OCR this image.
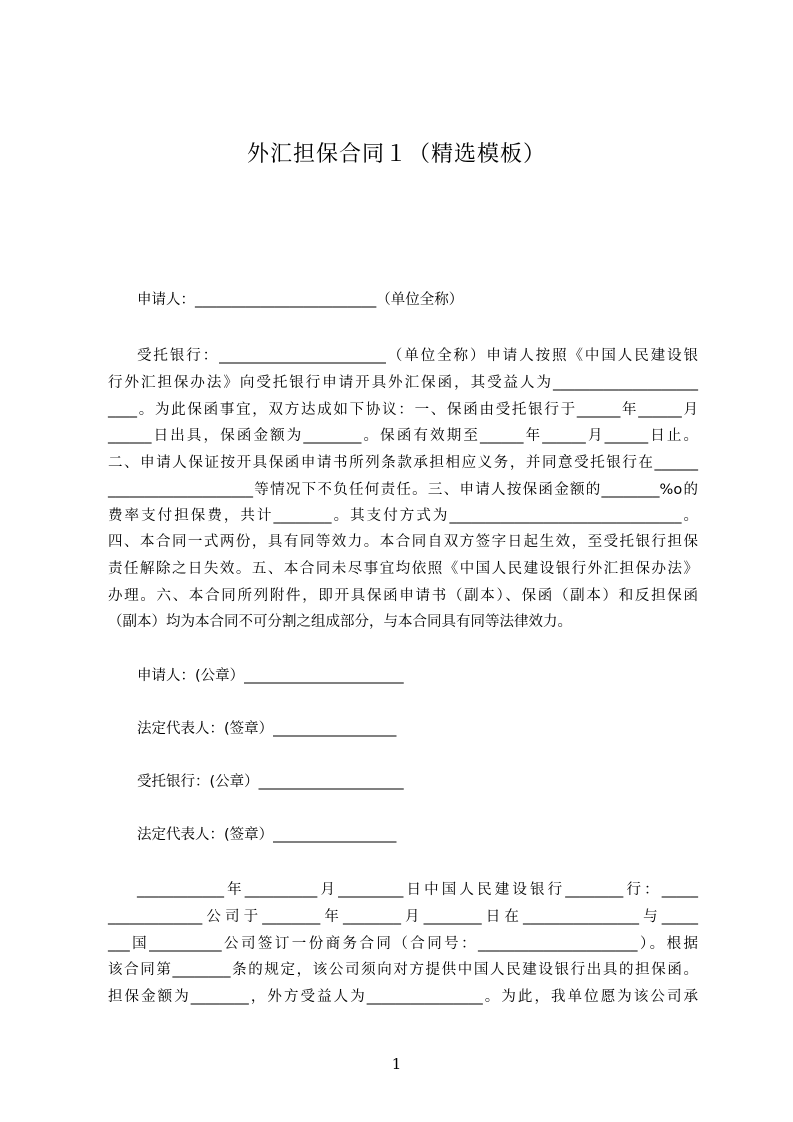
外汇担保合同１（精选模板）
申请人：_________________________（单位全称）
受托银行：_______________________（单位全称）申请人按照《中国人民建设银
行外汇担保办法》向受托银行申请开具外汇保函，其受益人为____________________
____。为此保函事宜，双方达成如下协议：一、保函由受托银行于______年______月
______日出具，保函金额为________。保函有效期至______年______月______日止。
二、申请人保证按开具保函申请书所列条款承担相应义务，并同意受托银行在______
____________________等情况下不负任何责任。三、申请人按保函金额的________%o的
费率支付担保费，共计________。其支付方式为________________________________。
四、本合同一式两份，具有同等效力。本合同自双方签字日起生效，至受托银行担保
责任解除之日失效。五、本合同未尽事宜均依照《中国人民建设银行外汇担保办法》
办理。六、本合同所列附件，即开具保函申请书（副本）、保函（副本）和反担保函
（副本）均为本合同不可分割之组成部分，与本合同具有同等法律效力。
申请人：(公章）______________________
法定代表人：(签章）_________________
受托银行：(公章）____________________
法定代表人：(签章）_________________
____________年__________月_________日中国人民建设银行________行：_____
_____________公司于________年________月________日在________________与_____
___国__________公司签订一份商务合同（合同号：______________________）。根据
该合同第________条的规定，该公司须向对方提供中国人民建设银行出具的担保函。
担保金额为________，外方受益人为________________。为此，我单位愿为该公司承
1
